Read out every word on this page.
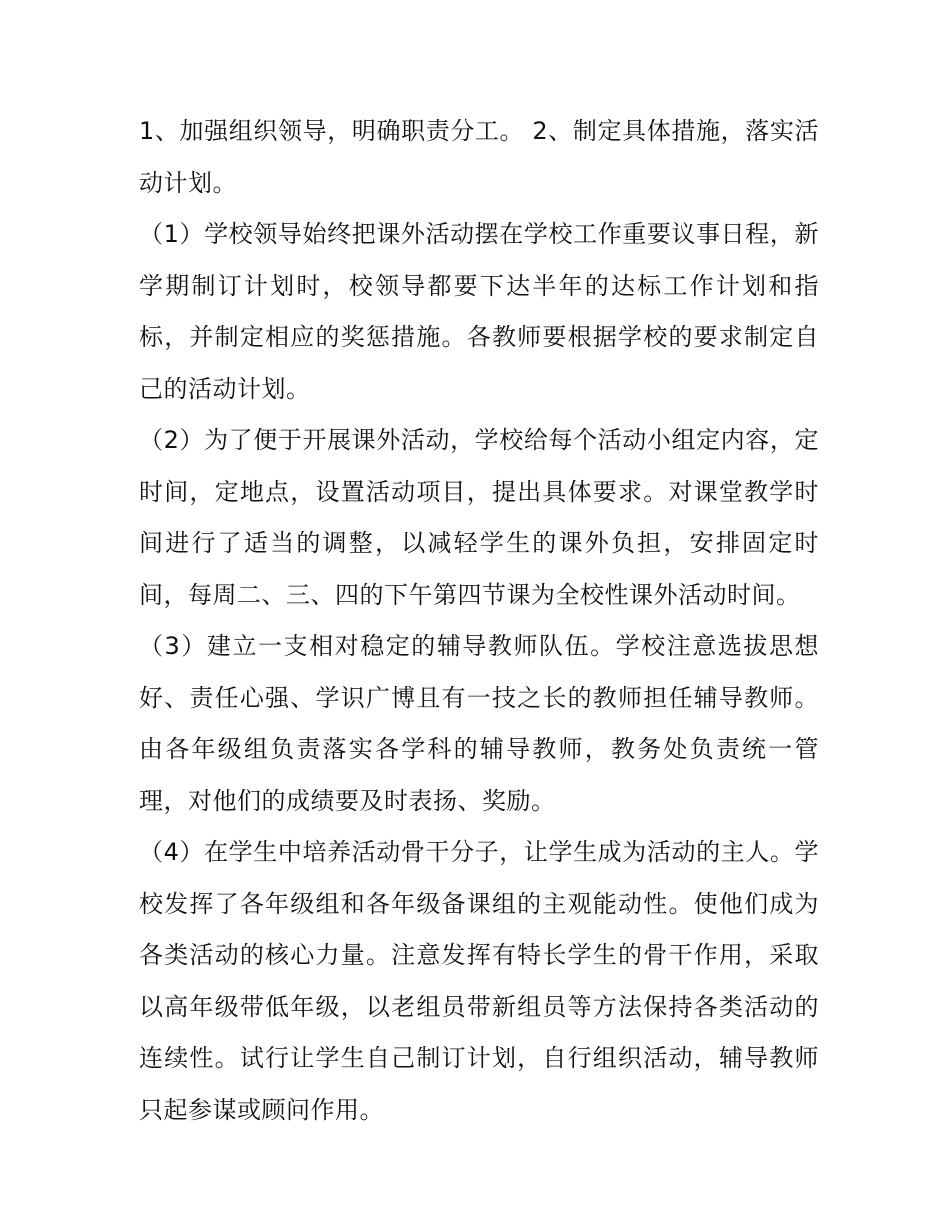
1、加强组织领导，明确职责分工。 2、制定具体措施，落实活动计划。

（1）学校领导始终把课外活动摆在学校工作重要议事日程，新学期制订计划时，校领导都要下达半年的达标工作计划和指标，并制定相应的奖惩措施。各教师要根据学校的要求制定自己的活动计划。

（2）为了便于开展课外活动，学校给每个活动小组定内容，定时间，定地点，设置活动项目，提出具体要求。对课堂教学时间进行了适当的调整，以减轻学生的课外负担，安排固定时间，每周二、三、四的下午第四节课为全校性课外活动时间。

（3）建立一支相对稳定的辅导教师队伍。学校注意选拔思想好、责任心强、学识广博且有一技之长的教师担任辅导教师。由各年级组负责落实各学科的辅导教师，教务处负责统一管理，对他们的成绩要及时表扬、奖励。

（4）在学生中培养活动骨干分子，让学生成为活动的主人。学校发挥了各年级组和各年级备课组的主观能动性。使他们成为各类活动的核心力量。注意发挥有特长学生的骨干作用，采取以高年级带低年级，以老组员带新组员等方法保持各类活动的连续性。试行让学生自己制订计划，自行组织活动，辅导教师只起参谋或顾问作用。
